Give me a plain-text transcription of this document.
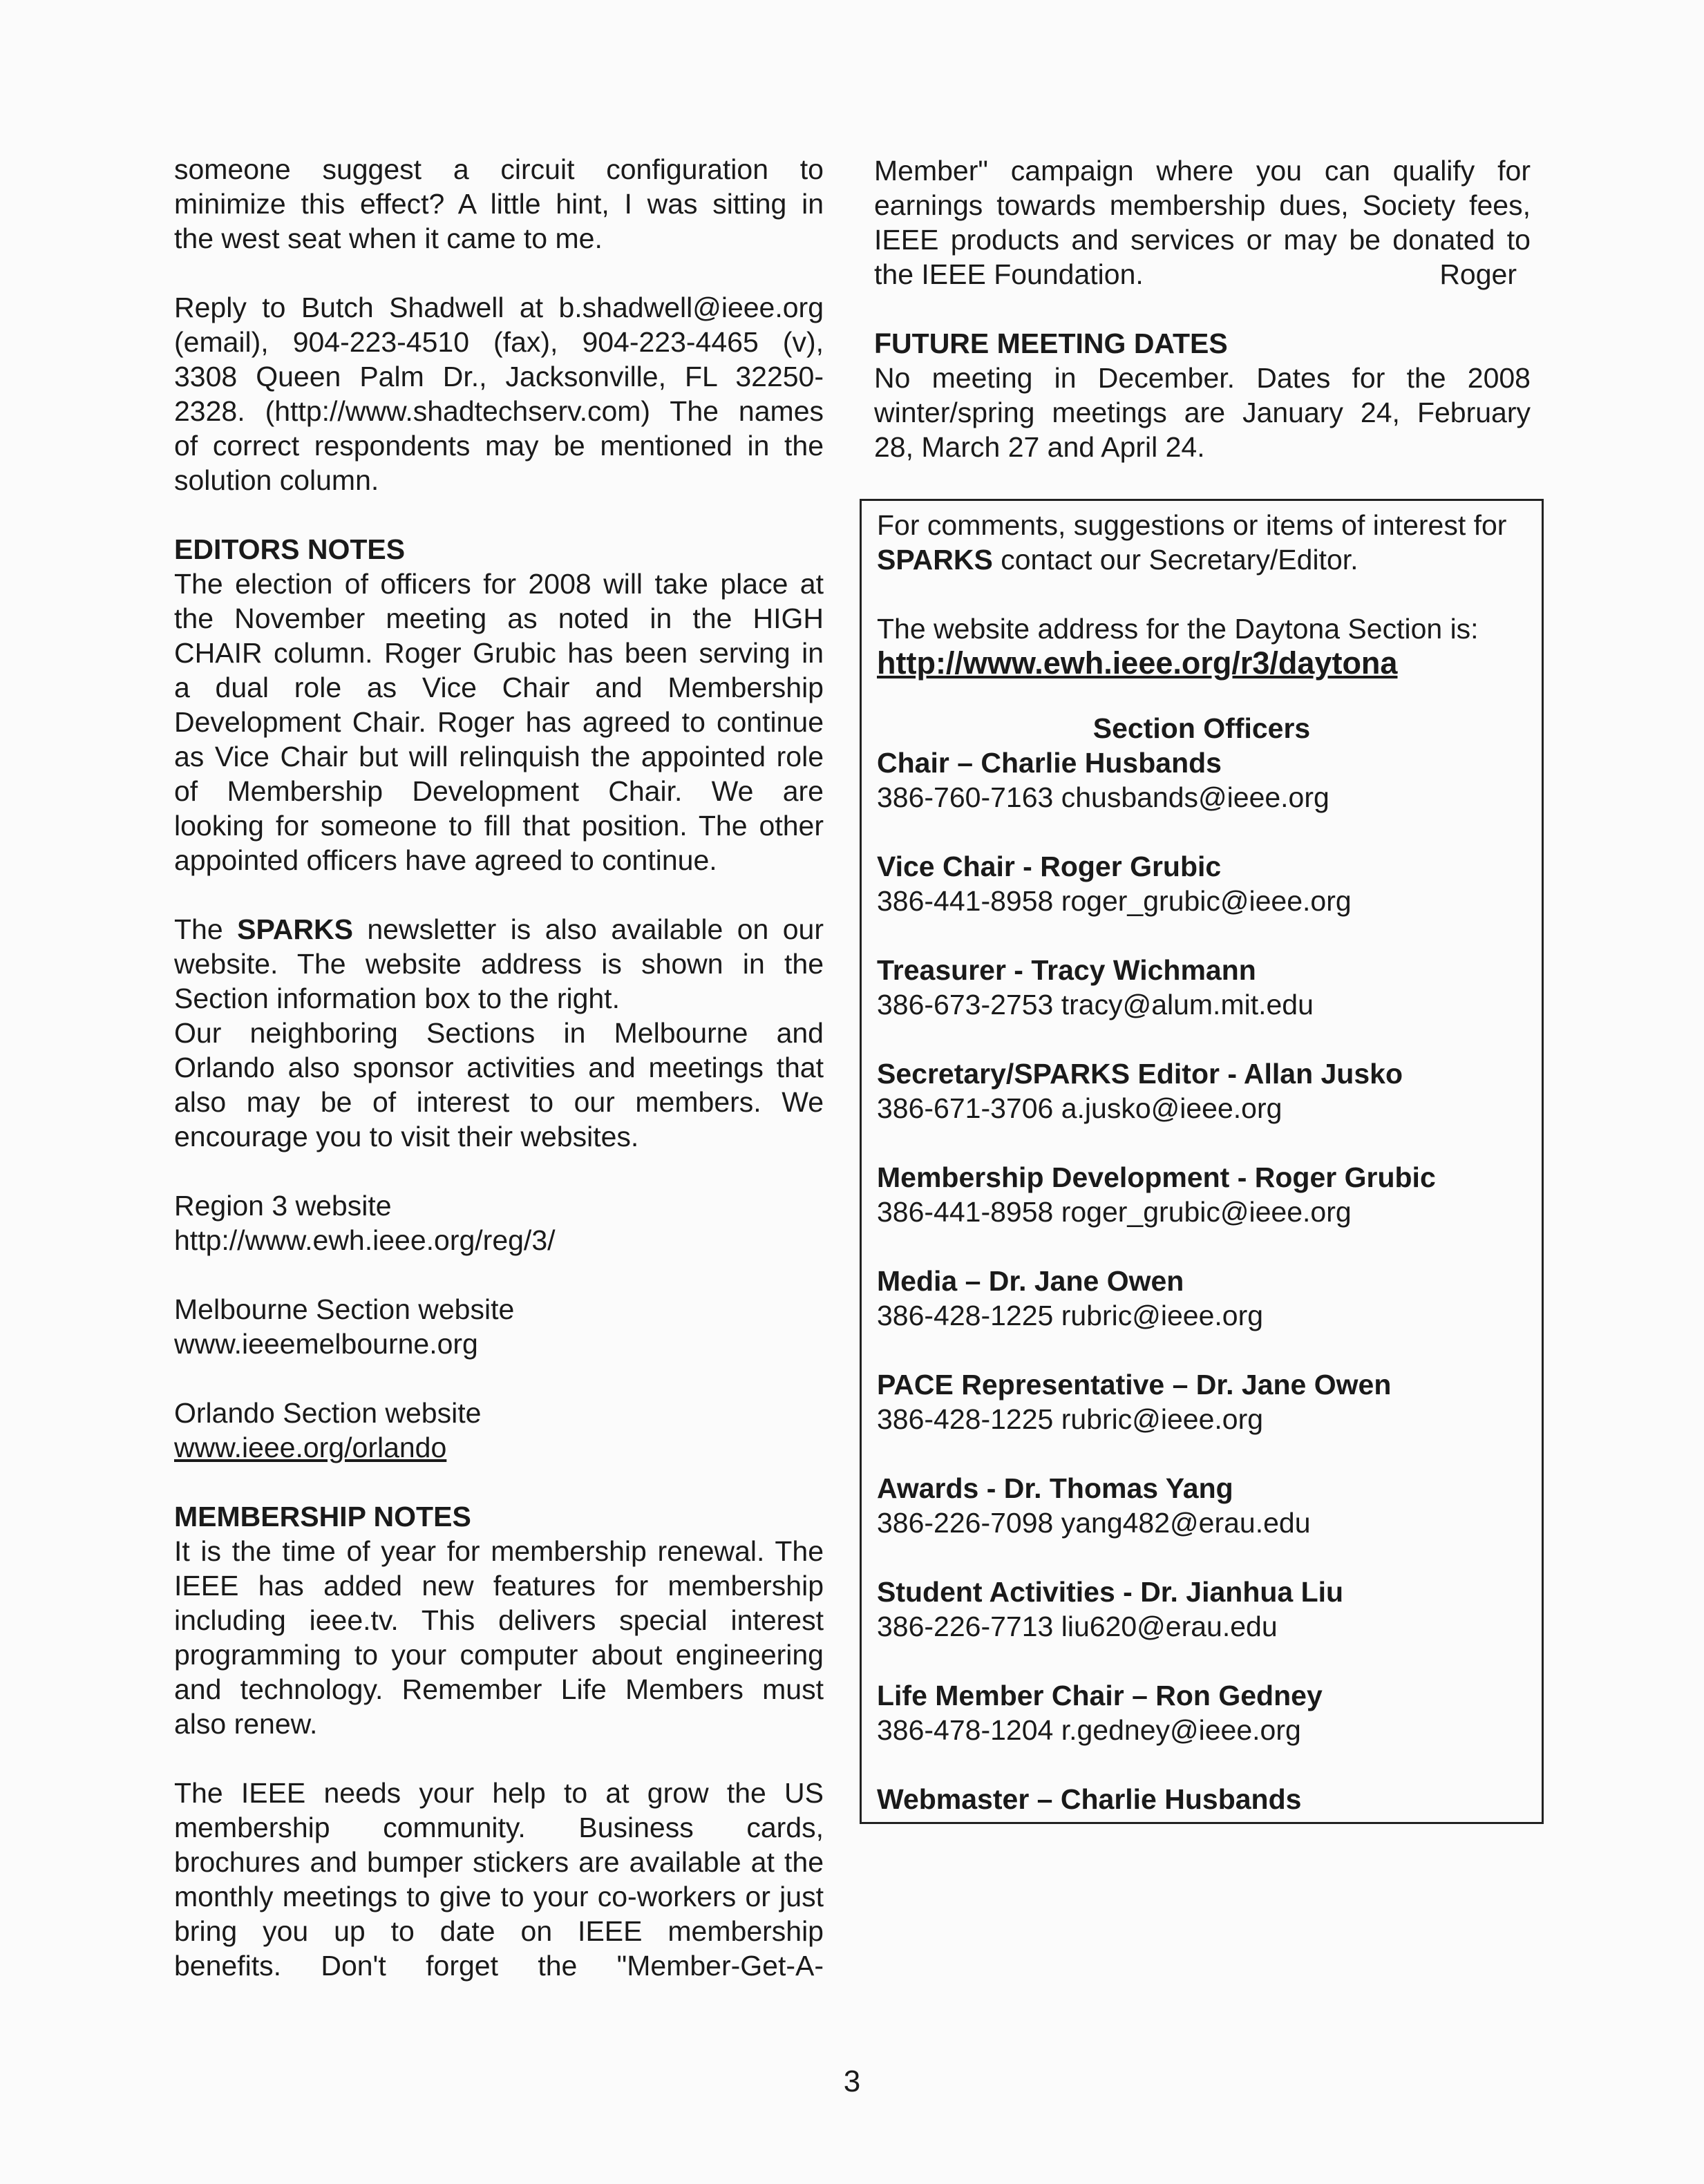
someone suggest a circuit configuration to

minimize this effect? A little hint, I was sitting in

the west seat when it came to me.

Reply to Butch Shadwell at b.shadwell@ieee.org

(email), 904-223-4510 (fax), 904-223-4465 (v),

3308 Queen Palm Dr., Jacksonville, FL 32250-

2328. (http://www.shadtechserv.com) The names

of correct respondents may be mentioned in the

solution column.

EDITORS NOTES

The election of officers for 2008 will take place at

the November meeting as noted in the HIGH

CHAIR column. Roger Grubic has been serving in

a dual role as Vice Chair and Membership

Development Chair. Roger has agreed to continue

as Vice Chair but will relinquish the appointed role

of Membership Development Chair. We are

looking for someone to fill that position. The other

appointed officers have agreed to continue.

The SPARKS newsletter is also available on our

website. The website address is shown in the

Section information box to the right.

Our neighboring Sections in Melbourne and

Orlando also sponsor activities and meetings that

also may be of interest to our members. We

encourage you to visit their websites.

Region 3 website

http://www.ewh.ieee.org/reg/3/

Melbourne Section website

www.ieeemelbourne.org

Orlando Section website

www.ieee.org/orlando

MEMBERSHIP NOTES

It is the time of year for membership renewal. The

IEEE has added new features for membership

including ieee.tv. This delivers special interest

programming to your computer about engineering

and technology. Remember Life Members must

also renew.

The IEEE needs your help to at grow the US

membership community. Business cards,

brochures and bumper stickers are available at the

monthly meetings to give to your co-workers or just

bring you up to date on IEEE membership

benefits. Don't forget the "Member-Get-A-

Member" campaign where you can qualify for

earnings towards membership dues, Society fees,

IEEE products and services or may be donated to

the IEEE Foundation.	Roger

FUTURE MEETING DATES

No meeting in December. Dates for the 2008

winter/spring meetings are January 24, February

28, March 27 and April 24.

For comments, suggestions or items of interest for

SPARKS contact our Secretary/Editor.

The website address for the Daytona Section is:

http://www.ewh.ieee.org/r3/daytona

Section Officers

Chair – Charlie Husbands
386-760-7163 chusbands@ieee.org
Vice Chair - Roger Grubic
386-441-8958 roger_grubic@ieee.org
Treasurer - Tracy Wichmann
386-673-2753 tracy@alum.mit.edu
Secretary/SPARKS Editor - Allan Jusko
386-671-3706 a.jusko@ieee.org
Membership Development - Roger Grubic
386-441-8958 roger_grubic@ieee.org
Media – Dr. Jane Owen
386-428-1225 rubric@ieee.org
PACE Representative – Dr. Jane Owen
386-428-1225 rubric@ieee.org
Awards - Dr. Thomas Yang
386-226-7098 yang482@erau.edu
Student Activities - Dr. Jianhua Liu
386-226-7713 liu620@erau.edu
Life Member Chair – Ron Gedney
386-478-1204 r.gedney@ieee.org
Webmaster – Charlie Husbands
3
